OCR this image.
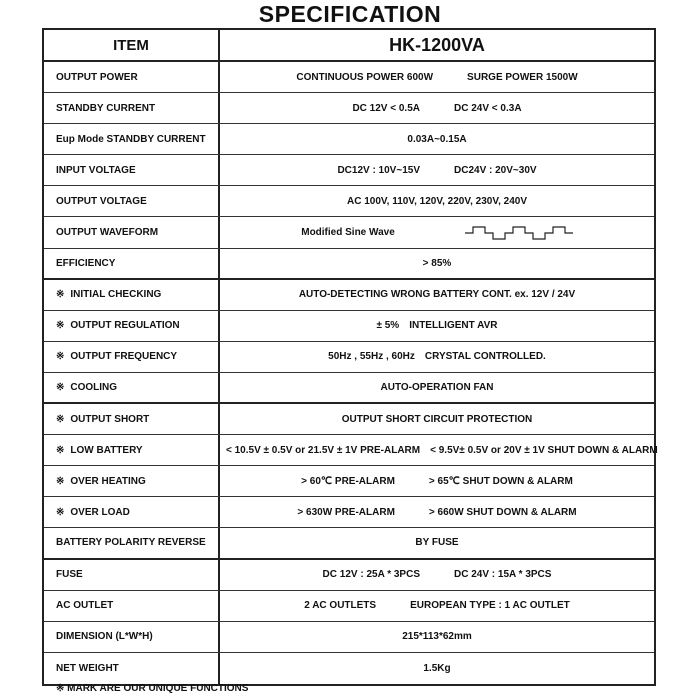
SPECIFICATION
ITEM	HK-1200VA
OUTPUT POWER	CONTINUOUS POWER 600W	SURGE POWER 1500W
STANDBY CURRENT	DC 12V < 0.5A	DC 24V < 0.3A
Eup Mode STANDBY CURRENT	0.03A~0.15A
INPUT VOLTAGE	DC12V : 10V~15V	DC24V : 20V~30V
OUTPUT VOLTAGE	AC 100V, 110V, 120V, 220V, 230V, 240V
OUTPUT WAVEFORM	Modified Sine Wave
EFFICIENCY	> 85%
※ INITIAL CHECKING	AUTO-DETECTING WRONG BATTERY CONT. ex. 12V / 24V
※ OUTPUT REGULATION	± 5% INTELLIGENT AVR
※ OUTPUT FREQUENCY	50Hz , 55Hz , 60Hz CRYSTAL CONTROLLED.
※ COOLING	AUTO-OPERATION FAN
※ OUTPUT SHORT	OUTPUT SHORT CIRCUIT PROTECTION
※ LOW BATTERY	< 10.5V ± 0.5V or 21.5V ± 1V PRE-ALARM < 9.5V± 0.5V or 20V ± 1V SHUT DOWN & ALARM
※ OVER HEATING	> 60℃ PRE-ALARM	> 65℃ SHUT DOWN & ALARM
※ OVER LOAD	> 630W PRE-ALARM	> 660W SHUT DOWN & ALARM
BATTERY POLARITY REVERSE	BY FUSE
FUSE	DC 12V : 25A * 3PCS	DC 24V : 15A * 3PCS
AC OUTLET	2 AC OUTLETS	EUROPEAN TYPE : 1 AC OUTLET
DIMENSION (L*W*H)	215*113*62mm
NET WEIGHT	1.5Kg
※ MARK ARE OUR UNIQUE FUNCTIONS
